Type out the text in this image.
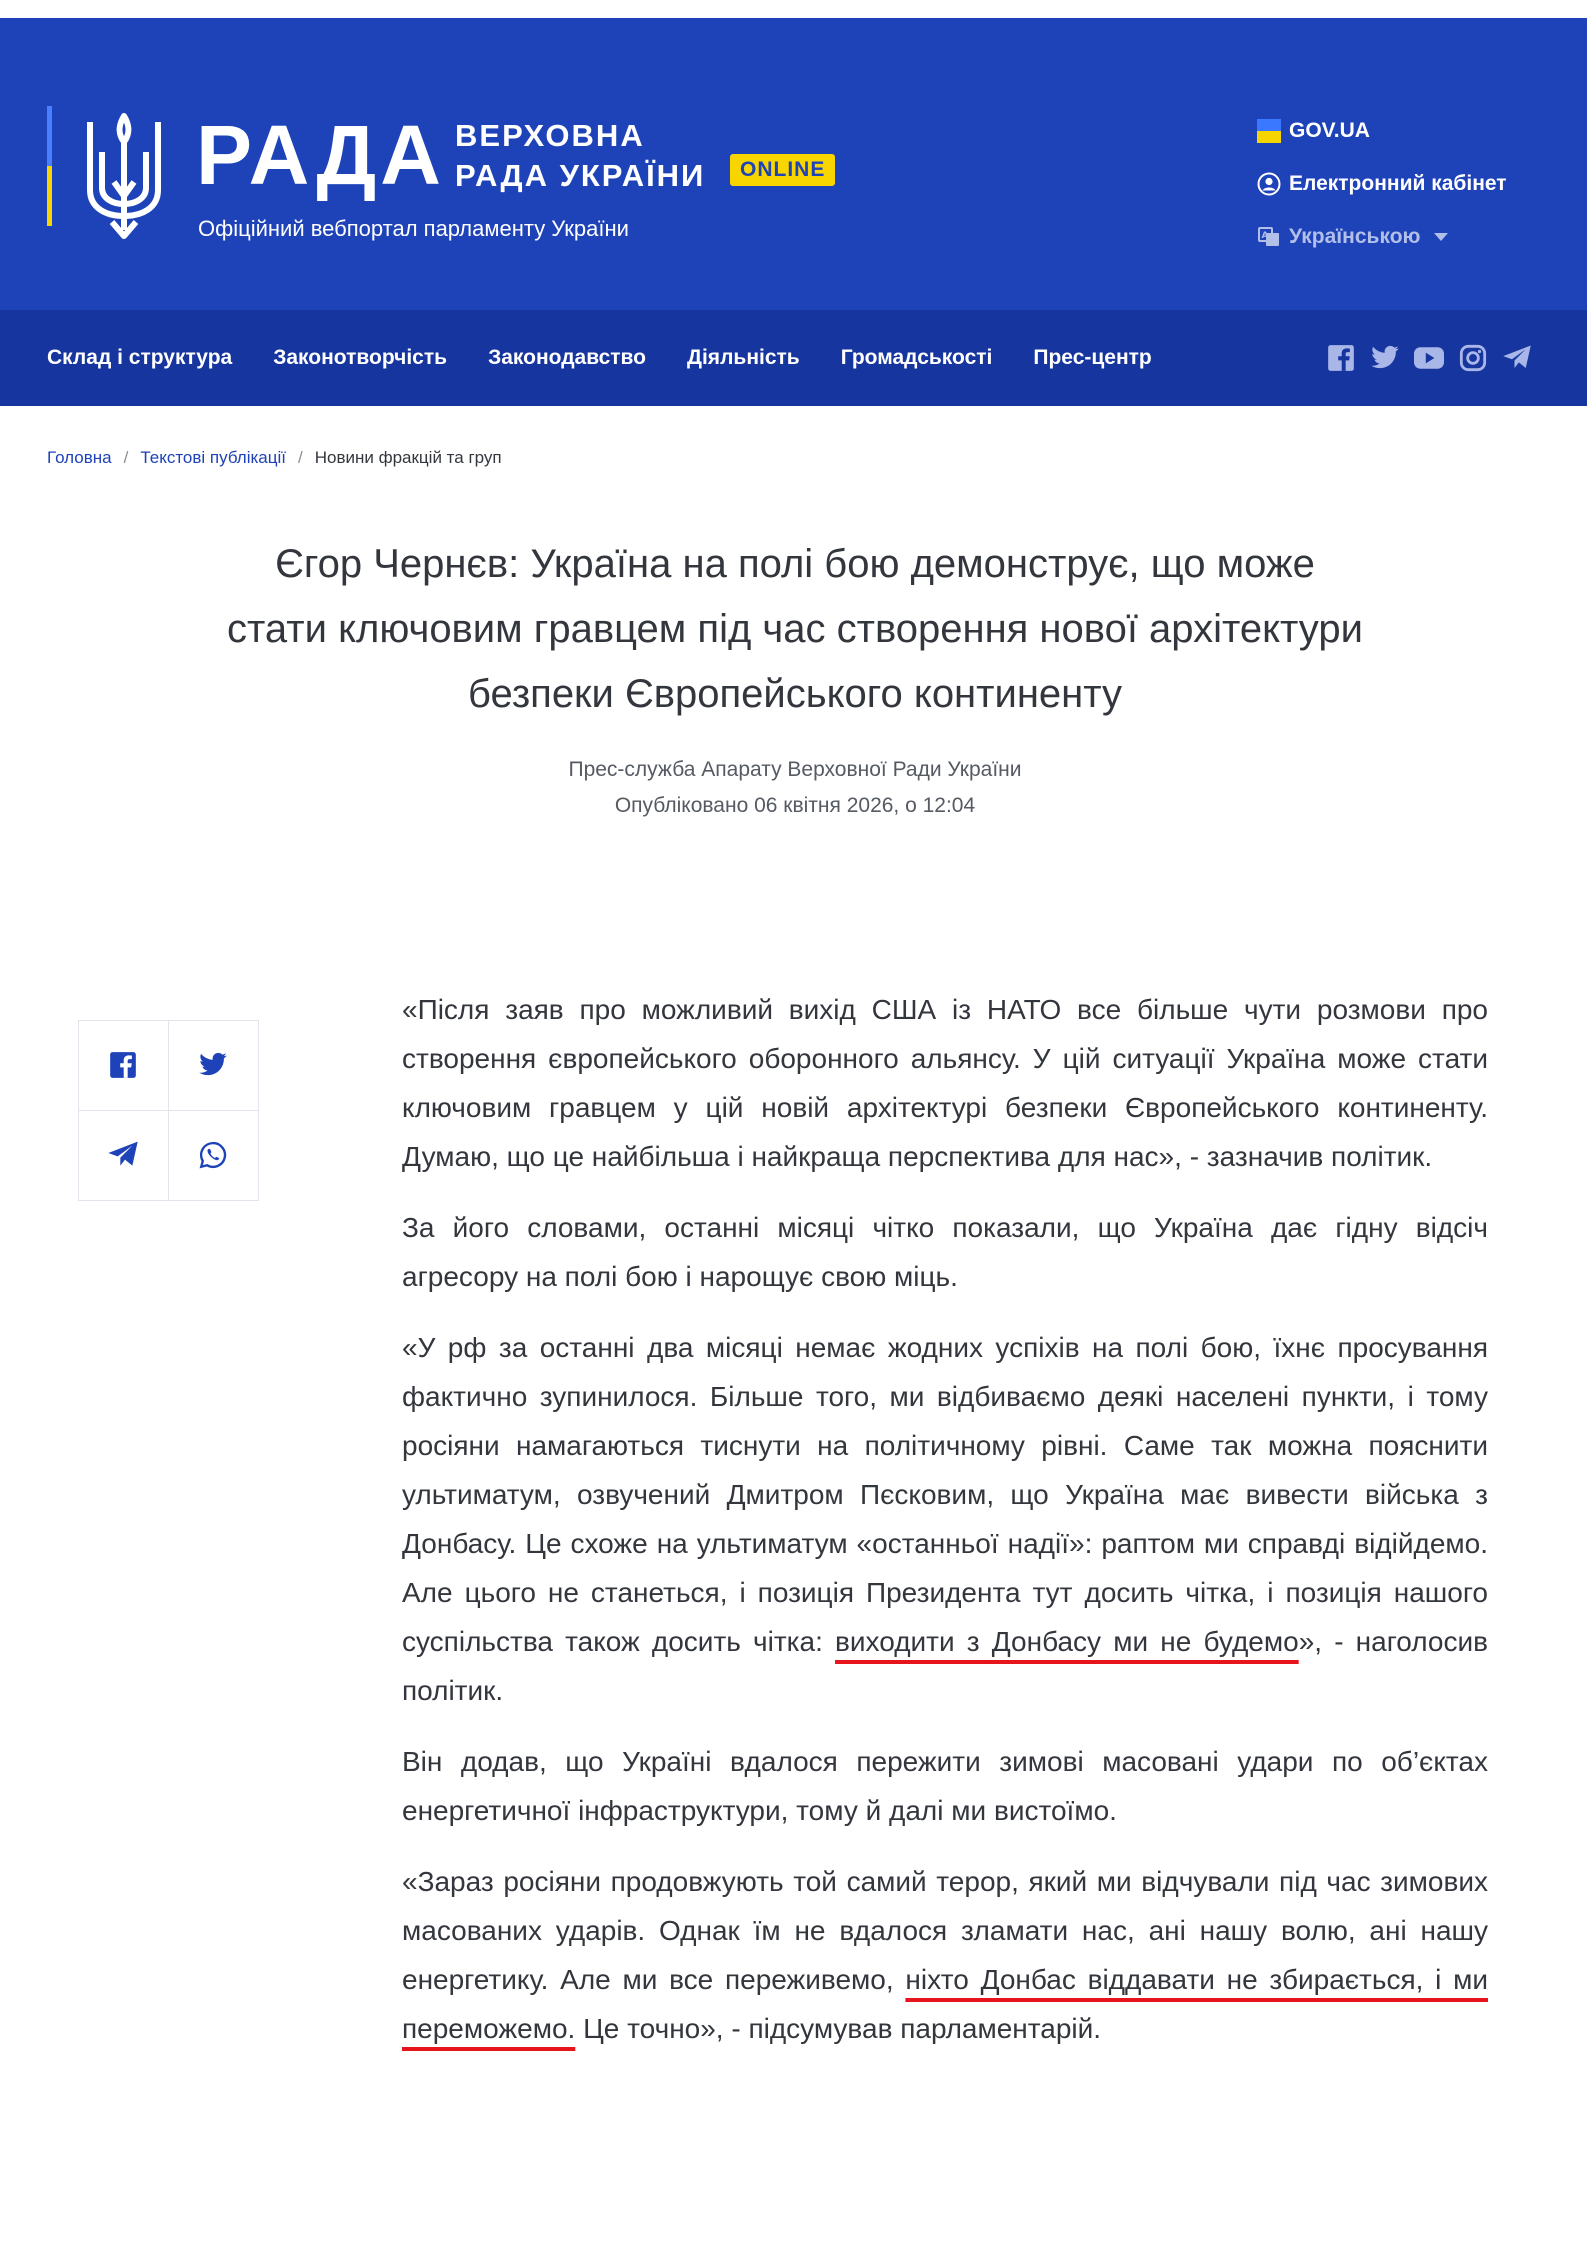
РАДА ВЕРХОВНА
РАДА УКРАЇНИ	ONLINE
Офіційний вебпортал парламенту України
GOV.UA
Електронний кабінет
A Українською
Склад і структура Законотворчість Законодавство Діяльність Громадськості Прес-центр
Головна / Текстові публікації / Новини фракцій та груп
Єгор Чернєв: Україна на полі бою демонструє, що може стати ключовим гравцем під час створення нової архітектури безпеки Європейського континенту
Прес-служба Апарату Верховної Ради України
Опубліковано 06 квітня 2026, о 12:04

«Після заяв про можливий вихід США із НАТО все більше чути розмови про створення європейського оборонного альянсу. У цій ситуації Україна може стати ключовим гравцем у цій новій архітектурі безпеки Європейського континенту. Думаю, що це найбільша і найкраща перспектива для нас», - зазначив політик.

За його словами, останні місяці чітко показали, що Україна дає гідну відсіч агресору на полі бою і нарощує свою міць.

«У рф за останні два місяці немає жодних успіхів на полі бою, їхнє просування фактично зупинилося. Більше того, ми відбиваємо деякі населені пункти, і тому росіяни намагаються тиснути на політичному рівні. Саме так можна пояснити ультиматум, озвучений Дмитром Пєсковим, що Україна має вивести війська з Донбасу. Це схоже на ультиматум «останньої надії»: раптом ми справді відійдемо. Але цього не станеться, і позиція Президента тут досить чітка, і позиція нашого суспільства також досить чітка: виходити з Донбасу ми не будемо», - наголосив політик.

Він додав, що Україні вдалося пережити зимові масовані удари по об’єктах енергетичної інфраструктури, тому й далі ми вистоїмо.

«Зараз росіяни продовжують той самий терор, який ми відчували під час зимових масованих ударів. Однак їм не вдалося зламати нас, ані нашу волю, ані нашу енергетику. Але ми все переживемо, ніхто Донбас віддавати не збирається, і ми переможемо. Це точно», - підсумував парламентарій.
